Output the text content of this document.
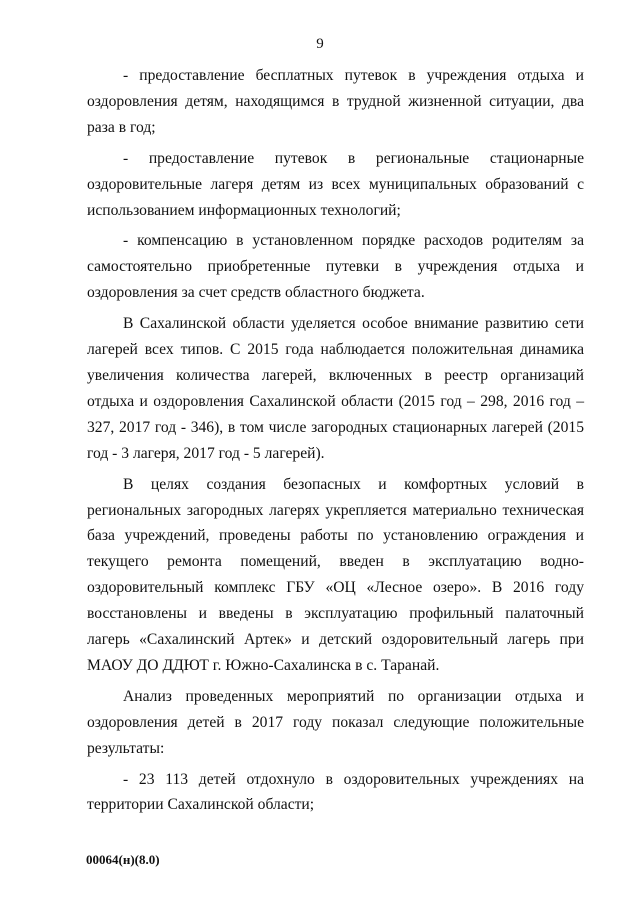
9

- предоставление бесплатных путевок в учреждения отдыха и оздоровления детям, находящимся в трудной жизненной ситуации, два раза в год;

- предоставление путевок в региональные стационарные оздоровительные лагеря детям из всех муниципальных образований с использованием информационных технологий;

- компенсацию в установленном порядке расходов родителям за самостоятельно приобретенные путевки в учреждения отдыха и оздоровления за счет средств областного бюджета.

В Сахалинской области уделяется особое внимание развитию сети лагерей всех типов. С 2015 года наблюдается положительная динамика увеличения количества лагерей, включенных в реестр организаций отдыха и оздоровления Сахалинской области (2015 год – 298, 2016 год – 327, 2017 год - 346), в том числе загородных стационарных лагерей (2015 год - 3 лагеря, 2017 год - 5 лагерей).

В целях создания безопасных и комфортных условий в региональных загородных лагерях укрепляется материально техническая база учреждений, проведены работы по установлению ограждения и текущего ремонта помещений, введен в эксплуатацию водно-оздоровительный комплекс ГБУ «ОЦ «Лесное озеро». В 2016 году восстановлены и введены в эксплуатацию профильный палаточный лагерь «Сахалинский Артек» и детский оздоровительный лагерь при МАОУ ДО ДДЮТ г. Южно-Сахалинска в с. Таранай.

Анализ проведенных мероприятий по организации отдыха и оздоровления детей в 2017 году показал следующие положительные результаты:

- 23 113 детей отдохнуло в оздоровительных учреждениях на территории Сахалинской области;

00064(н)(8.0)
